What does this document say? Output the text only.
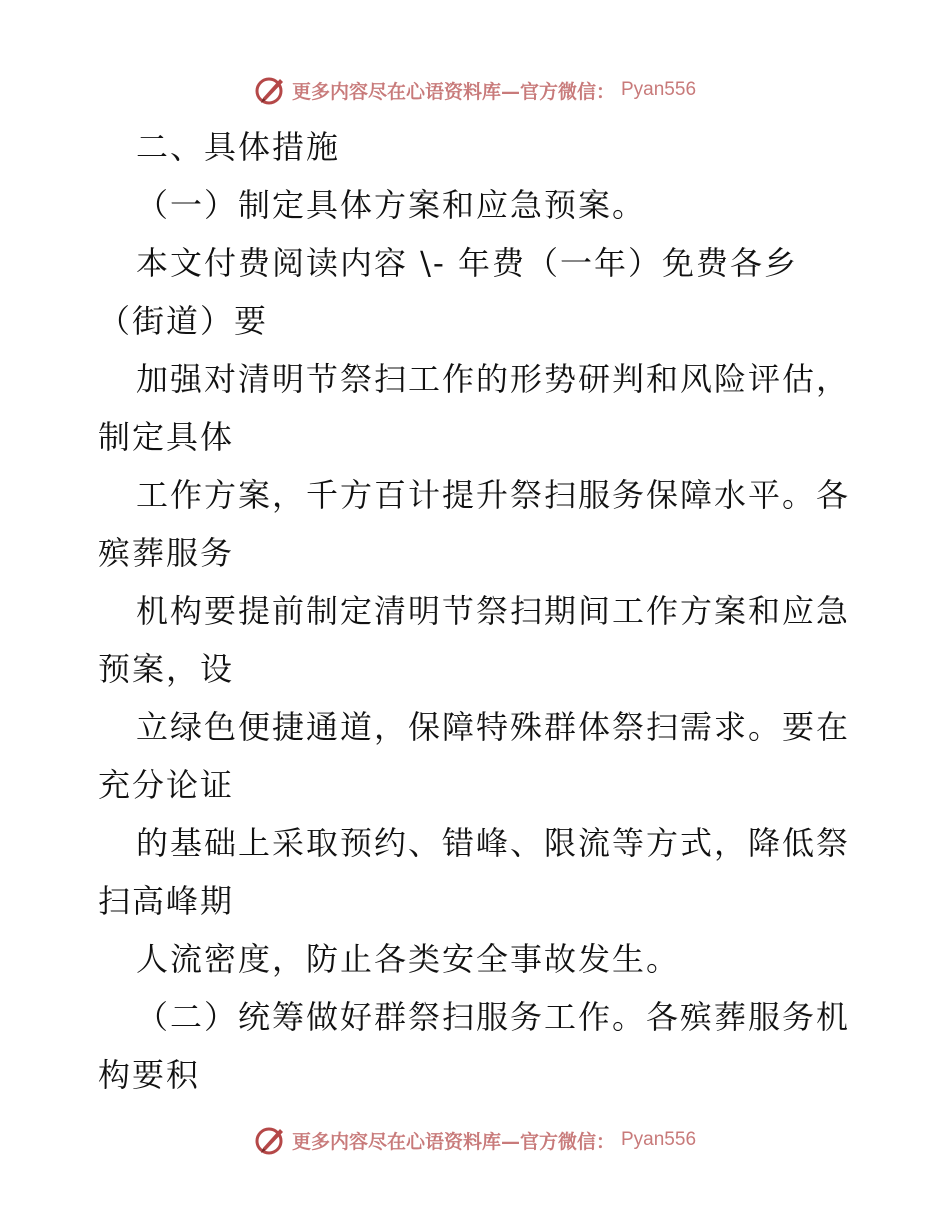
更多内容尽在心语资料库—官方微信： Pyan556
二、具体措施
（一）制定具体方案和应急预案。
本文付费阅读内容 \- 年费（一年）免费各乡
（街道）要
加强对清明节祭扫工作的形势研判和风险评估，
制定具体
工作方案，千方百计提升祭扫服务保障水平。各
殡葬服务
机构要提前制定清明节祭扫期间工作方案和应急
预案，设
立绿色便捷通道，保障特殊群体祭扫需求。要在
充分论证
的基础上采取预约、错峰、限流等方式，降低祭
扫高峰期
人流密度，防止各类安全事故发生。
（二）统筹做好群祭扫服务工作。各殡葬服务机
构要积
更多内容尽在心语资料库—官方微信： Pyan556
